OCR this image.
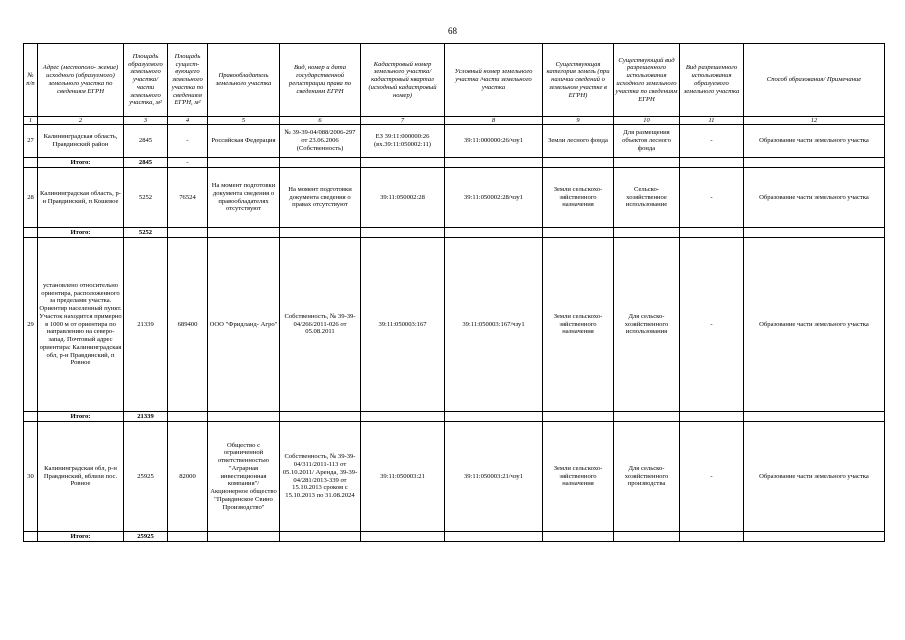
68
№ п/п	Адрес (местополо- жение) исходного (образуемого) земельного участка по сведениям ЕГРН	Площадь образуемого земельного участка/ части земельного участка, м²	Площадь сущест- вующего земельного участка по сведениям ЕГРН, м²	Правообладатель земельного участка	Вид, номер и дата государственной регистрации права по сведениям ЕГРН	Кадастровый номер земельного участка/ кадастровый квартал (исходный кадастровый номер)	Условный номер земельного участка /части земельного участка	Существующая категория земель (при наличии сведений о земельном участке в ЕГРН)	Существующий вид разрешенного использования исходного земельного участка по сведениям ЕГРН	Вид разрешенного использования образуемого земельного участка	Способ образования/ Примечание
1	2	3	4	5	6	7	8	9	10	11	12
27	Калининградская область, Правдинский район	2845	-	Российская Федерация	№ 39-39-04/088/2006-297 от 23.06.2006 (Собственность)	ЕЗ 39:11:000000:26 (вх.39:11:050002:11)	39:11:000000:26/чзу1	Земли лесного фонда	Для размещения объектов лесного фонда	-	Образование части земельного участка
	Итого:	2845	-								
28	Калининградская область, р-н Правдинский, п Кошевое	5252	76524	На момент подготовки документа сведения о правообладателях отсутствуют	На момент подготовки документа сведения о правах отсутствуют	39:11:050002:28	39:11:050002:28/чзу1	Земли сельскохо- зяйственного назначения	Сельско- хозяйственное использование	-	Образование части земельного участка
	Итого:	5252									
29	установлено относительно ориентира, расположенного за пределами участка. Ориентир населенный пункт. Участок находится примерно в 1000 м от ориентира по направлению на северо-запад. Почтовый адрес ориентира: Калининградская обл, р-н Правдинский, п Ровное	21339	689400	ООО "Фридланд- Агро"	Собственность, № 39-39-04/266/2011-026 от 05.08.2011	39:11:050003:167	39:11:050003:167/чзу1	Земли сельскохо- зяйственного назначения	Для сельско- хозяйственного использования	-	Образование части земельного участка
	Итого:	21339									
30	Калининградская обл, р-н Правдинский, вблизи пос. Ровное	25925	82000	Общество с ограниченной ответственностью "Аграрная инвестиционная компания"/ Акционерное общество "Правдинское Свино Производство"	Собственность, № 39-39-04/311/2011-113 от 05.10.2011/ Аренда, 39-39-04/281/2013-339 от 15.10.2013 сроком с 15.10.2013 по 31.08.2024	39:11:050003:21	39:11:050003:21/чзу1	Земли сельскохо- зяйственного назначения	Для сельско- хозяйственного производства	-	Образование части земельного участка
	Итого:	25925									
